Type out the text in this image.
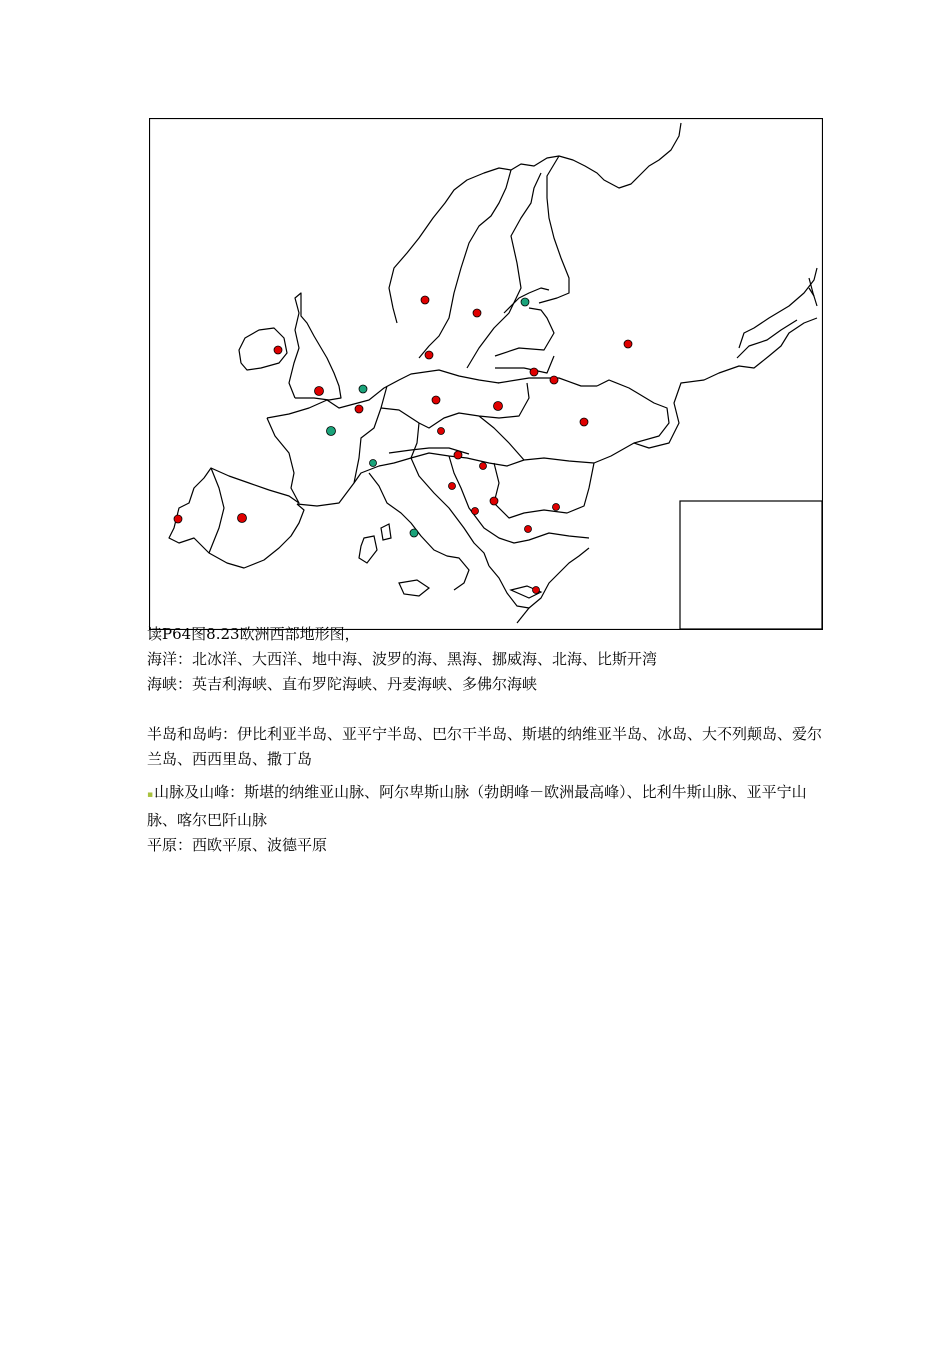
读P64图8.23欧洲西部地形图，
海洋：北冰洋、大西洋、地中海、波罗的海、黑海、挪威海、北海、比斯开湾
海峡：英吉利海峡、直布罗陀海峡、丹麦海峡、多佛尔海峡
半岛和岛屿：伊比利亚半岛、亚平宁半岛、巴尔干半岛、斯堪的纳维亚半岛、冰岛、大不列颠岛、爱尔兰岛、西西里岛、撒丁岛
▪山脉及山峰：斯堪的纳维亚山脉、阿尔卑斯山脉（勃朗峰－欧洲最高峰）、比利牛斯山脉、亚平宁山脉、喀尔巴阡山脉
平原：西欧平原、波德平原
